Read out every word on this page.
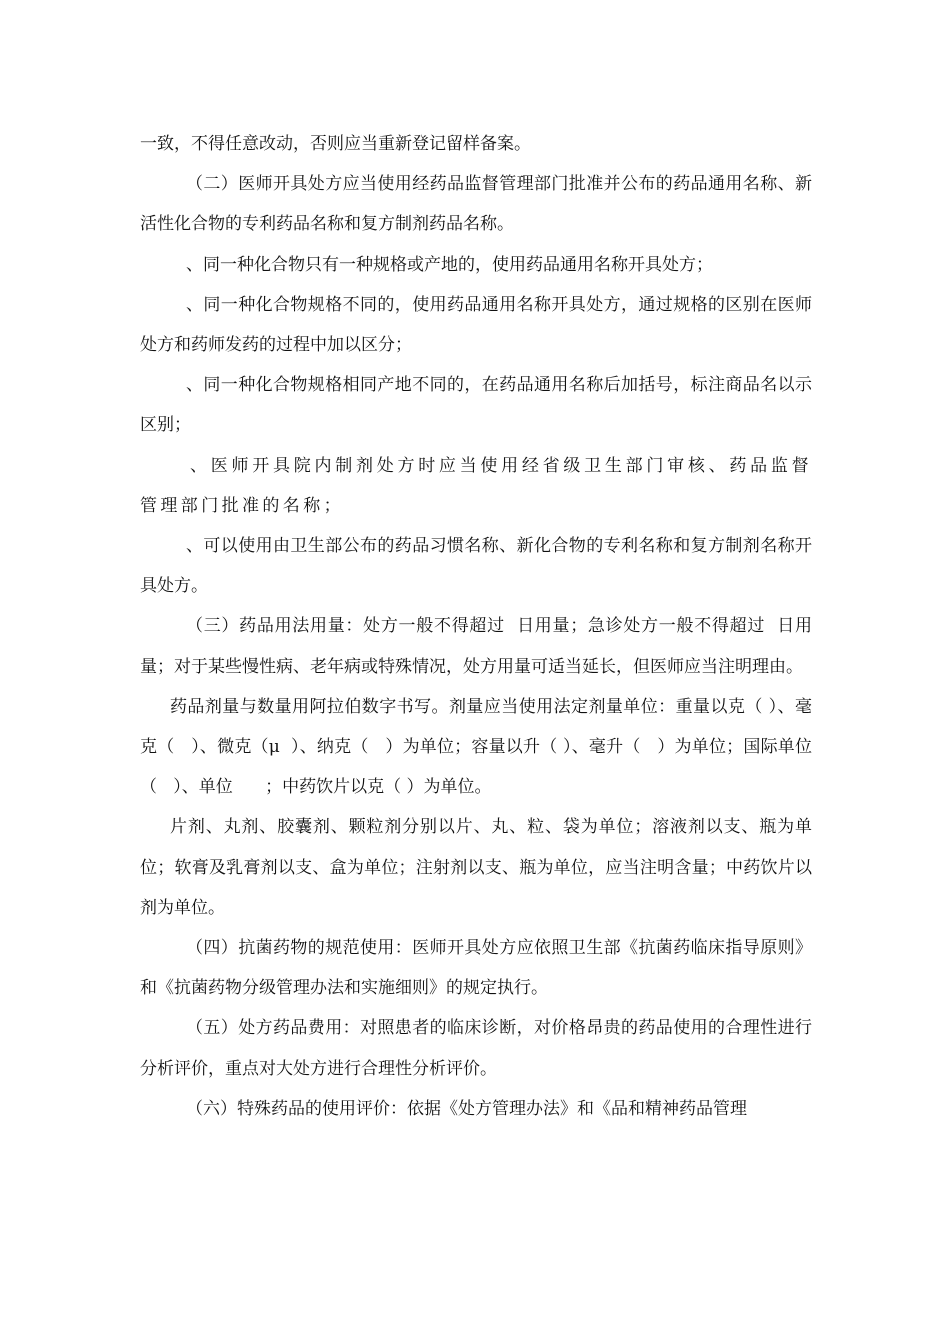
一致，不得任意改动，否则应当重新登记留样备案。

（二）医师开具处方应当使用经药品监督管理部门批准并公布的药品通用名称、新活性化合物的专利药品名称和复方制剂药品名称。

、同一种化合物只有一种规格或产地的，使用药品通用名称开具处方；

、同一种化合物规格不同的，使用药品通用名称开具处方，通过规格的区别在医师处方和药师发药的过程中加以区分；

、同一种化合物规格相同产地不同的，在药品通用名称后加括号，标注商品名以示区别；

、医师开具院内制剂处方时应当使用经省级卫生部门审核、药品监督管理部门批准的名称；

、可以使用由卫生部公布的药品习惯名称、新化合物的专利名称和复方制剂名称开具处方。

（三）药品用法用量：处方一般不得超过  日用量；急诊处方一般不得超过  日用量；对于某些慢性病、老年病或特殊情况，处方用量可适当延长，但医师应当注明理由。

药品剂量与数量用阿拉伯数字书写。剂量应当使用法定剂量单位：重量以克（ ）、毫克（   ）、微克（μ  ）、纳克（   ）为单位；容量以升（ ）、毫升（   ）为单位；国际单位（   ）、单位      ；中药饮片以克（ ）为单位。

片剂、丸剂、胶囊剂、颗粒剂分别以片、丸、粒、袋为单位；溶液剂以支、瓶为单位；软膏及乳膏剂以支、盒为单位；注射剂以支、瓶为单位，应当注明含量；中药饮片以剂为单位。

（四）抗菌药物的规范使用：医师开具处方应依照卫生部《抗菌药临床指导原则》和《抗菌药物分级管理办法和实施细则》的规定执行。

（五）处方药品费用：对照患者的临床诊断，对价格昂贵的药品使用的合理性进行分析评价，重点对大处方进行合理性分析评价。

（六）特殊药品的使用评价：依据《处方管理办法》和《品和精神药品管理
